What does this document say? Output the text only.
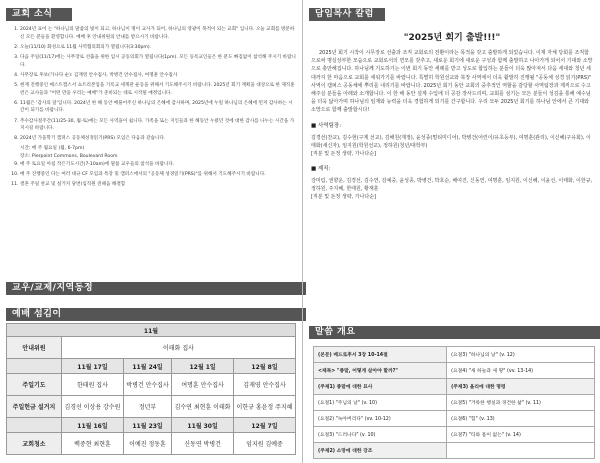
교회 소식
1. 2024년 표어 는 "하나님의 말씀의 빛이 되고, 하나님이 명이 교사가 되어, 하나님의 영광이 목적이 되는 교회" 입니다. 오늘 교회를 방문하신 모든 분들을 환영합니다. 예배 후 안내위원의 안내를 받으시기 바랍니다.
2. 오늘(11/10) 화성으로 11월 사역협의회의가 열립니다(3:30pm).
3. 다음 주일(11/17)에는 사무장로 선출을 위한 임시 공동의회가 열립니다(1pm). 모든 등록교인들은 한 분도 빠짐없이 참석해 주시기 바랍니다.
4. 사무장로 후보(가나다 순): 김재영 안수집사, 박병건 안수집사, 여명훈 안수집사
5. 현재 진행중인 메스트캠스서 쇼트리본업을 기록교 세계관 운동을 위해서 기도해주시기 바랍니다. 2025년 회기 계획을 대상으로 한 제직훈련은 교사들과 "어떤 만을 우리는 예배"가 준비되는 대로 시작될 예정입니다.
6. 11월은 '감사의 달'입니다. 2024년 한 해 동안 베풀어주신 하나님의 은혜에 감사하며, 2025년에 누릴 하나님의 은혜에 먼저 감사하는 시간이 되기를 바랍니다.
7. 추수감사절주간(11/25-30, 월-토)에는 모든 사역을이 쉽니다. 가족을 또는 지인들과 한 해동안 누렸던 것에 대한 감사를 나누는 시간을 가지시길 바랍니다.
8. 2024년 가을학기 캠퍼스 공동체성경읽기(PRS) 모임은 다음과 같습니다.
시간: 매 주 월요일 (월, 6-7pm)
장소: Pierpoint Commons, Boulevard Room
9. 매 주 토요일 아침 작은기도시간(7-10am)에 말씀 교우들의 참석을 바랍니다.
10. 매 주 진행중인 다는 여러 대규 CF 모임과 특강 및 캠퍼스에서의 "공동체 성경읽기(PRS)"를 위해서 기도해주시기 바랍니다.
11. 결혼 주일 찬교 및 설거지 당번(임직원 전때음 해결합
교우/교제/지역동정
예배 섬김이
11월				
안내위원	이태화 집사			
	11월 17일	11월 24일	12월 1일	12월 8일
주일기도	한태원 집사	박병건 안수집사	여명훈 안수집사	김재영 안수집사
주일헌금 설거지	김경선 이상용 강수원	정년부	김수연 최현훈 이태화	이한규 홍윤정 주지혜
	11월 16일	11월 23일	11월 30일	12월 7일
교회청소	백중현 최현훈	이예진 정동훈	신동연 박병건	임지원 김예중
담임목사 칼럼
"2025년 회기 출발!!!"
2025년 회기 시작이 시무장로 선출과 조직 교회로의 전환이라는 목적을 갖고 출발하게 되었습니다. 이제 자체 당회를 조직함으로써 명실상부한 모습으로 교회로서의 면모를 갖추고, 새로운 회기에 새로운 구성과 함께 출발하고 나아가게 되어서 기대와 소망으로 충만해집니다. 하나님께 기도하기는 이번 회기 동안 세례를 받고 성도로 합입하는 분들이 더욱 많아져서 다음 세대와 청년 세대까지 한 마음으로 교회를 세워가기를 바랍니다. 특별히 학원선교와 북장 사역에서 더욱 활발히 진행될 "공동체 성경 읽기(PRS)" 사역이 캠퍼스 공동체에 뿌리를 내리기를 바랍니다. 2025년 회기 동안 교회의 중추적인 역할을 감당할 사역팀장과 제직으로 수고해주실 분들을 아래와 소개합니다. 이 한 해 동안 설계 수입에 더 공감 장사드리며, 교회를 섬기는 모든 분들이 성김을 통해 예수님을 더욱 닮아가며 하나님의 임재와 능력을 더욱 경험하게 되기를 간구합니다. 우리 모두 2025년 회기를 하나님 안에서 큰 기대와 소망으로 함께 출발합시다!
■ 사역팀장:
김경선(찬교), 김수현(구제 선교), 김해원(재정), 윤성종(멀티미디어), 박병건(어린이/유초등부), 여명훈(관리), 이신혜(구유회), 이태화(새신자), 임지원(학원선교), 정하원(청년/대학부)
[직분 및 돈정 생략, 가나다순]
■ 제직:
강미림, 권향운, 김경선, 김수연, 김예중, 윤성종, 박병건, 박호순, 배여진, 신동연, 여명훈, 임지원, 이신혜, 이윤선, 이태화, 이한규, 정하원, 주지혜, 한태원, 황재훈
[직분 및 돈정 생략, 가나다순]
말씀 개요
(본문) 베드로후서 3장 10-14절	(요절3) "하나님의 날" (v. 12)
<제목> "종말, 어떻게 살아야 할까?"	(요절4) "새 하늘과 새 땅" (vv. 13-14)
(주제1) 종말에 대한 묘사	(주제3) 올리에 대한 명령
(요절1) "주님의 날" (v. 10)	(요절5) "거룩한 행실과 경건한 삶" (v. 11)
(요절2) "녹아버리다" (vv. 10-12)	(요절6) "힘" (v. 13)
(요절3) "드러나다" (v. 10)	(요절7) "티와 흠이 없는" (v. 14)
(주제2) 소망에 대한 강조	
